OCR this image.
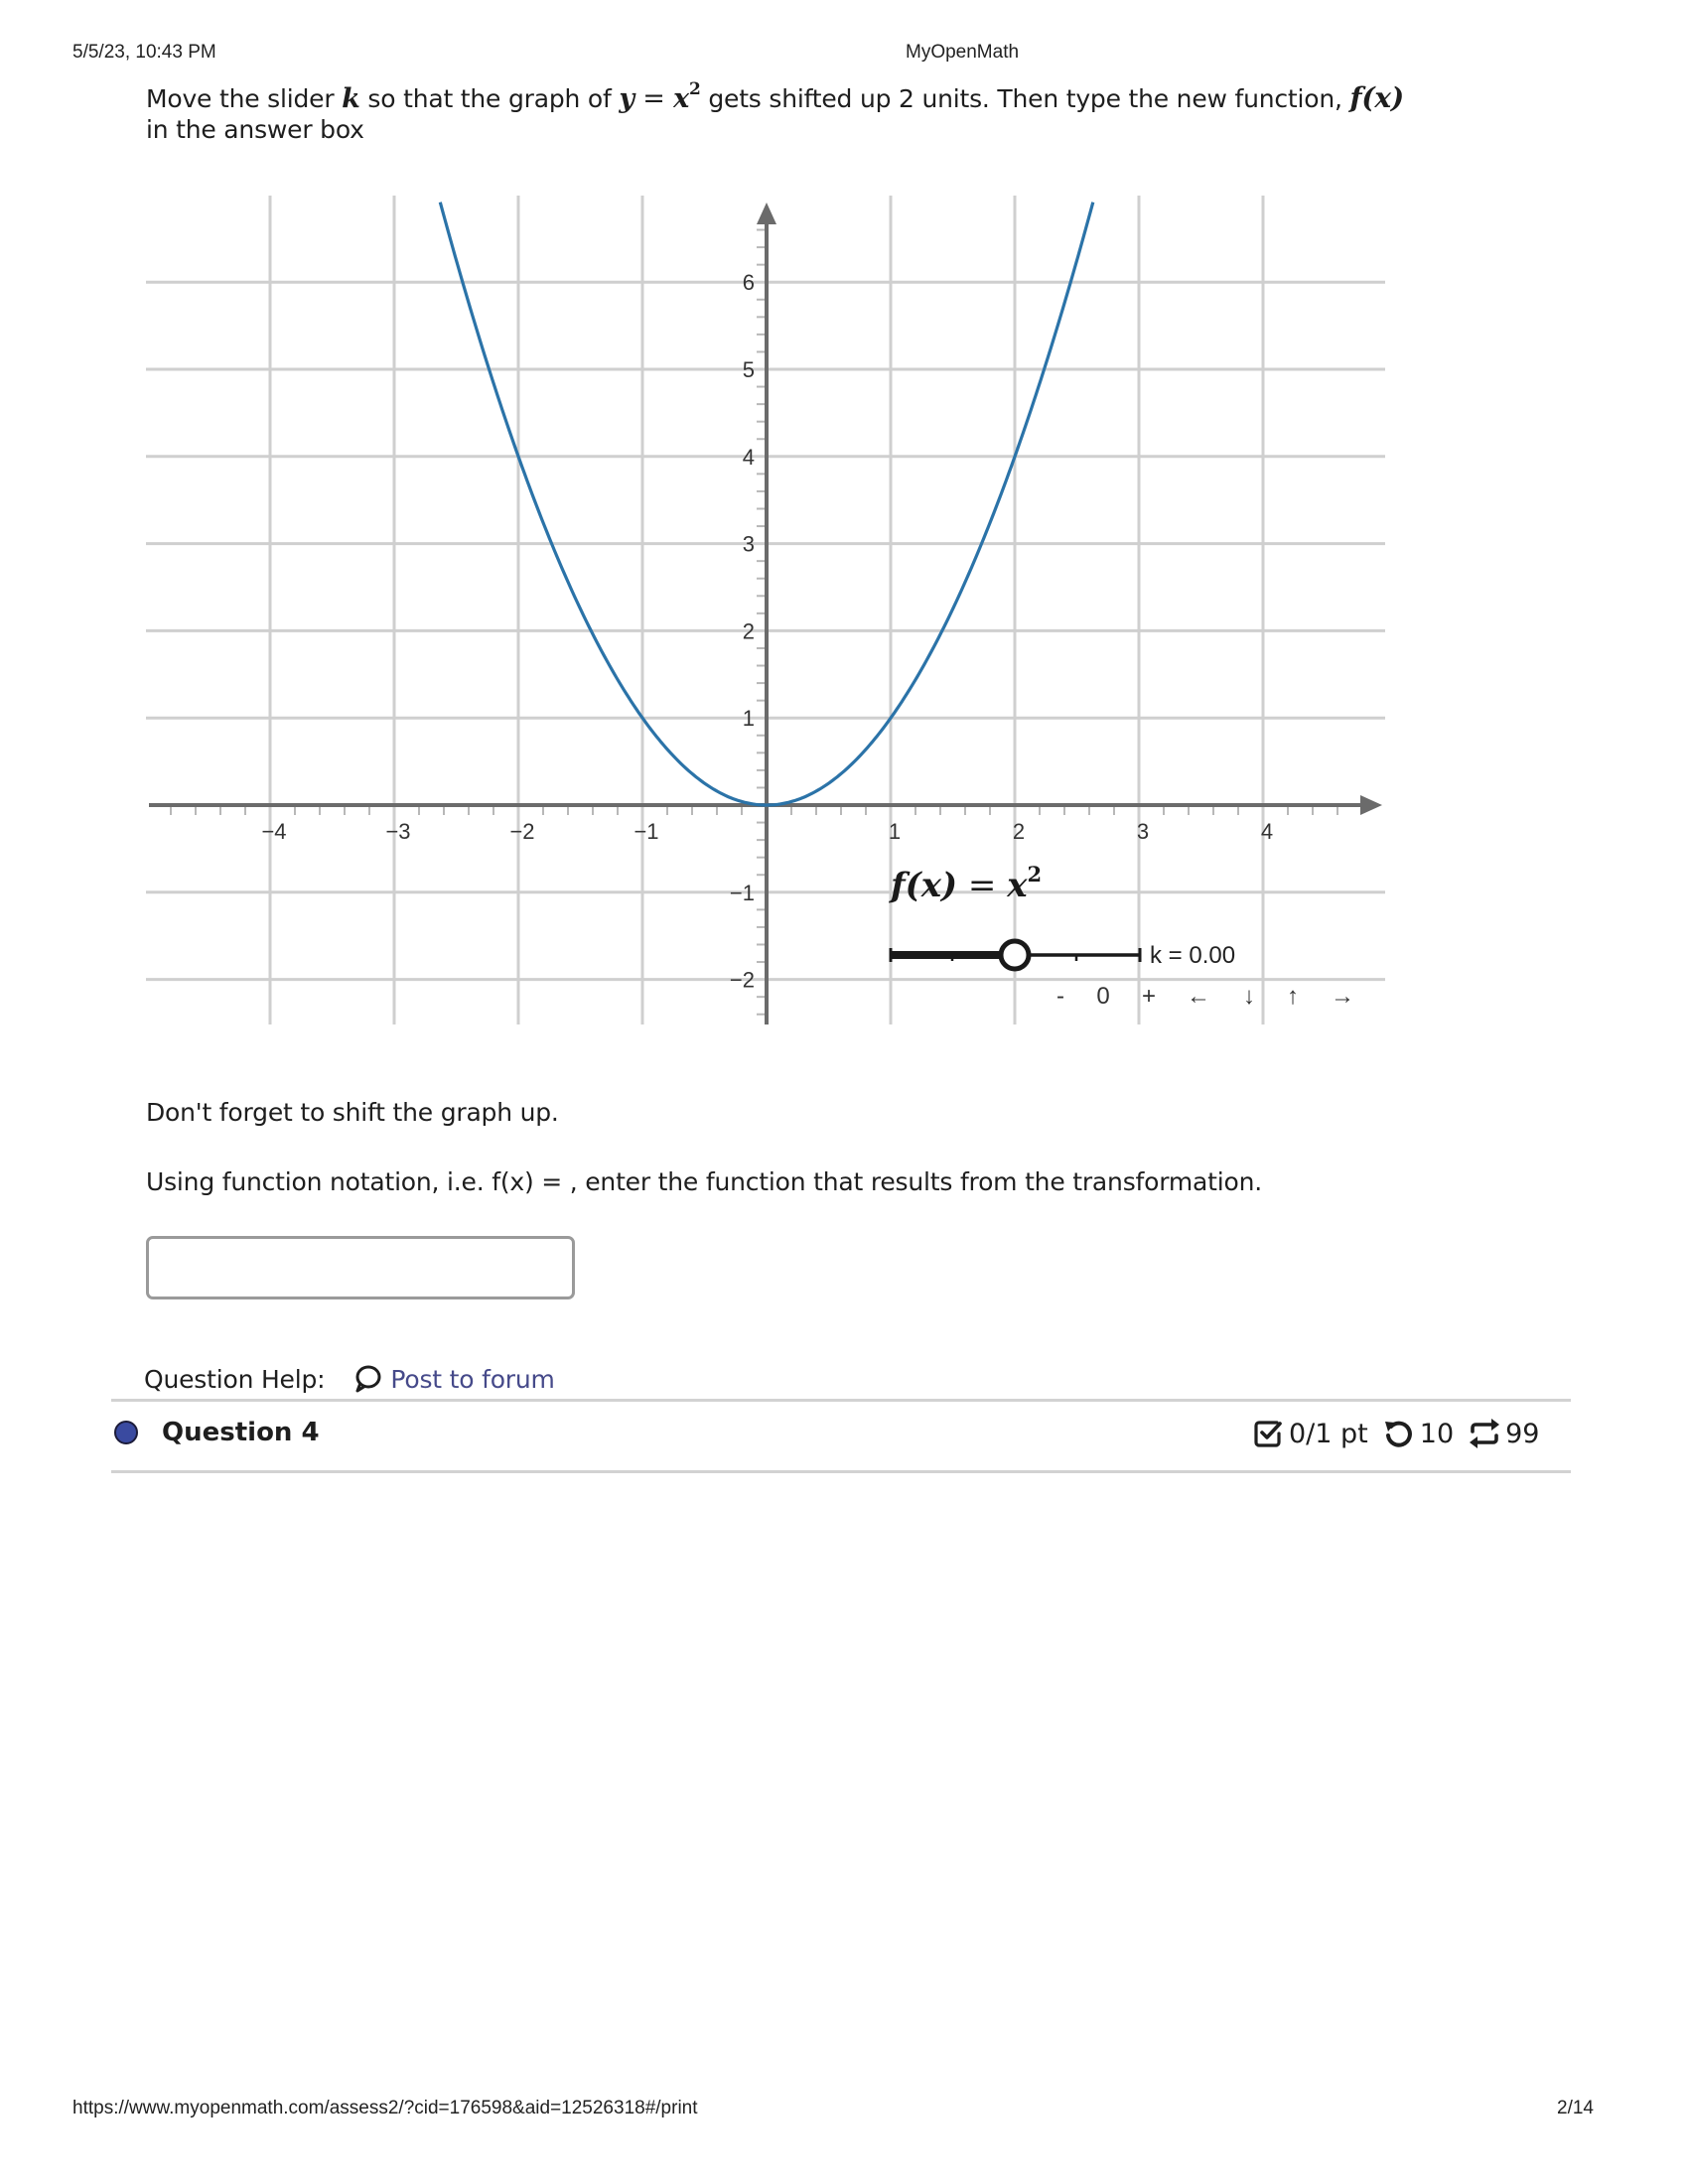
5/5/23, 10:43 PM	MyOpenMath
Move the slider k so that the graph of $y = x^2$ gets shifted up 2 units. Then type the new function, f(x)
in the answer box
−4	−3	−2	−1	1	2	3	4
−2
−1
1
2
3
4
5
6
$f(x) = x^2$
k = 0.00
- 0 + ← ↓ ↑ →
Don't forget to shift the graph up.
Using function notation, i.e. f(x) = , enter the function that results from the transformation.
Question Help:	Post to forum
Question 4	0/1 pt 10 99
https://www.myopenmath.com/assess2/?cid=176598&aid=12526318#/print	2/14
